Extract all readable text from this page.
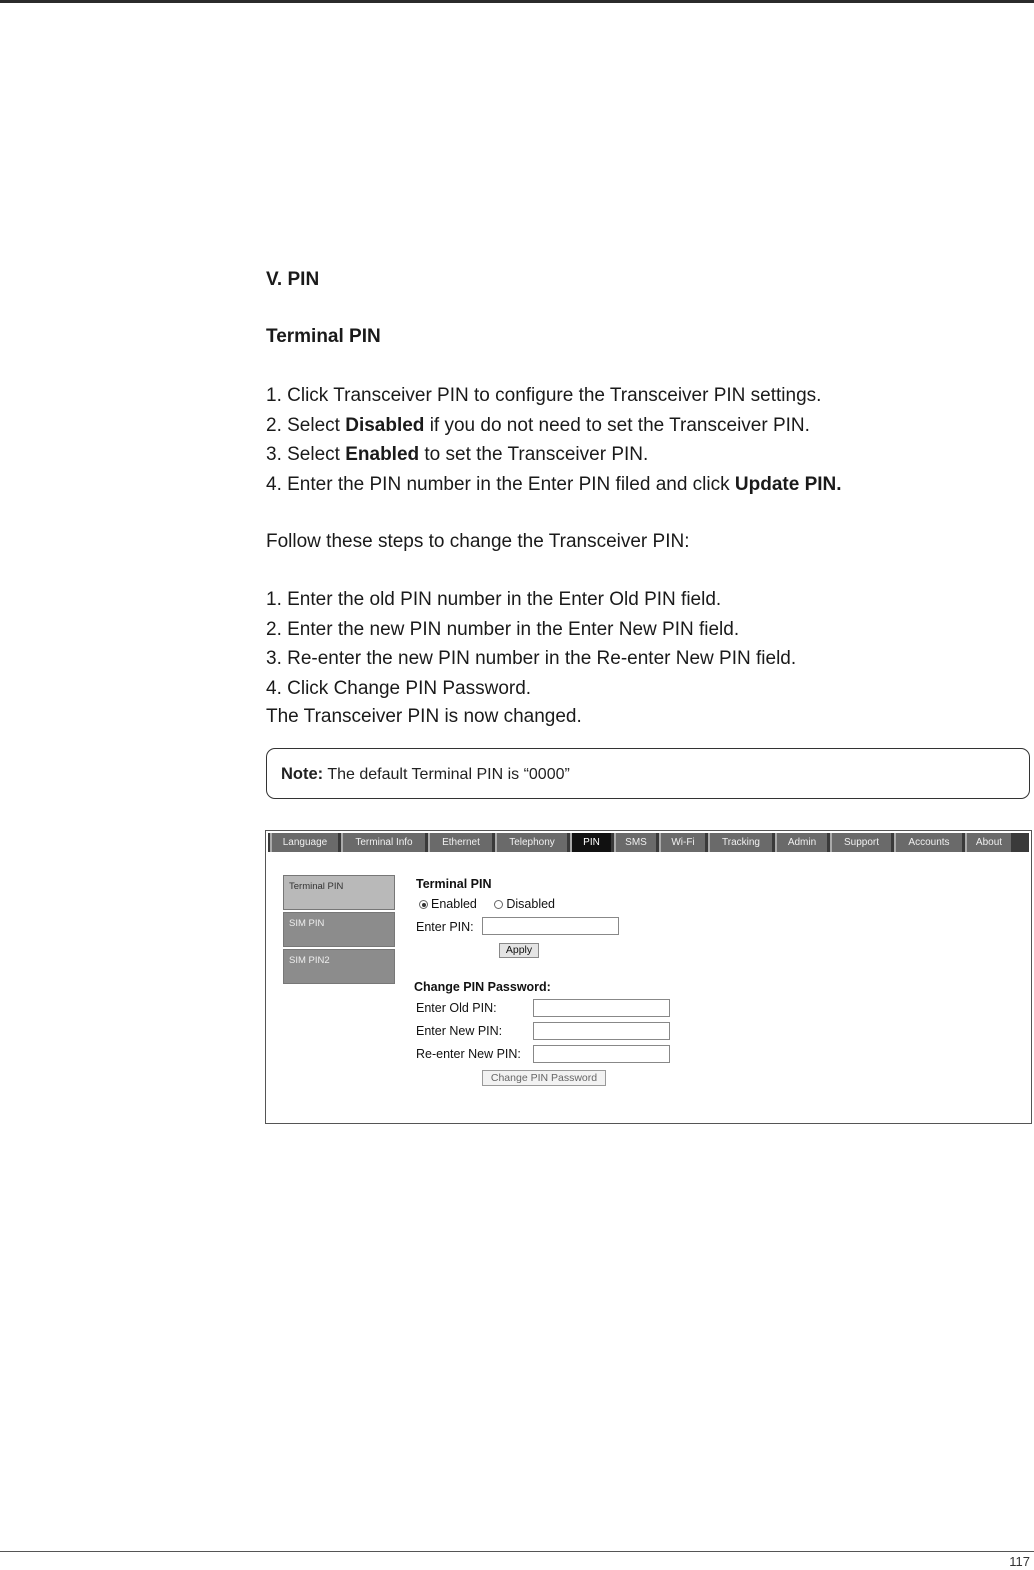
V. PIN
Terminal PIN
1. Click Transceiver PIN to configure the Transceiver PIN settings.
2. Select Disabled if you do not need to set the Transceiver PIN.
3. Select Enabled to set the Transceiver PIN.
4. Enter the PIN number in the Enter PIN filed and click Update PIN.

Follow these steps to change the Transceiver PIN:

1. Enter the old PIN number in the Enter Old PIN field.
2. Enter the new PIN number in the Enter New PIN field.
3. Re-enter the new PIN number in the Re-enter New PIN field.
4. Click Change PIN Password.

The Transceiver PIN is now changed.

Note: The default Terminal PIN is “0000”
Language	Terminal Info	Ethernet	Telephony	PIN	SMS	Wi-Fi	Tracking	Admin	Support	Accounts	About
Terminal PIN
SIM PIN
SIM PIN2
Terminal PIN
Enabled Disabled
Enter PIN:
Apply
Change PIN Password:
Enter Old PIN:
Enter New PIN:
Re-enter New PIN:
Change PIN Password
117
